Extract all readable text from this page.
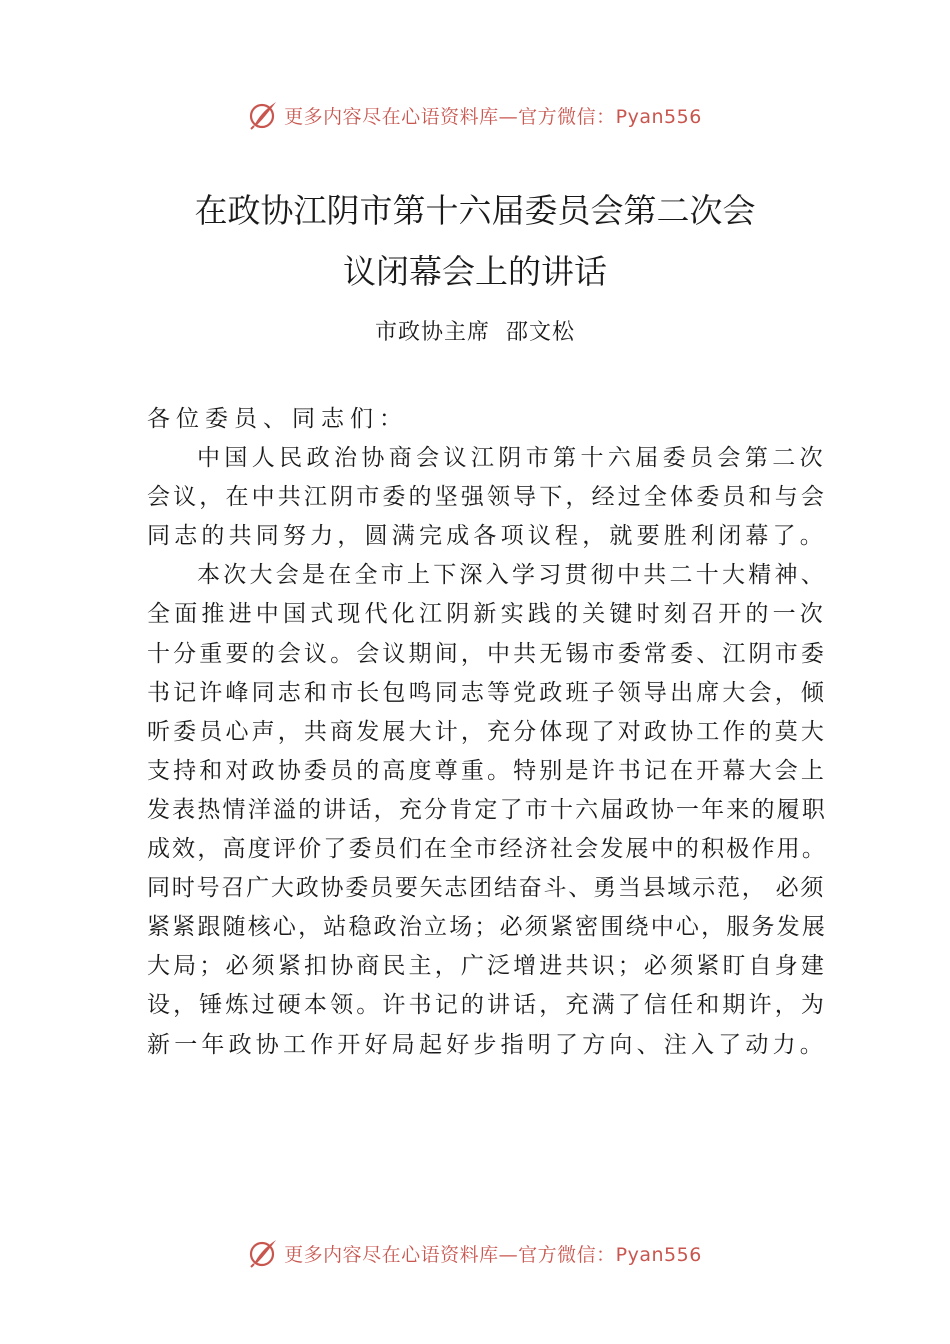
更多内容尽在心语资料库—官方微信：Pyan556
在政协江阴市第十六届委员会第二次会
议闭幕会上的讲话
市政协主席  邵文松
各位委员、同志们：
中国人民政治协商会议江阴市第十六届委员会第二次
会议，在中共江阴市委的坚强领导下，经过全体委员和与会
同志的共同努力，圆满完成各项议程，就要胜利闭幕了。
本次大会是在全市上下深入学习贯彻中共二十大精神、
全面推进中国式现代化江阴新实践的关键时刻召开的一次
十分重要的会议。会议期间，中共无锡市委常委、江阴市委
书记许峰同志和市长包鸣同志等党政班子领导出席大会，倾
听委员心声，共商发展大计，充分体现了对政协工作的莫大
支持和对政协委员的高度尊重。特别是许书记在开幕大会上
发表热情洋溢的讲话，充分肯定了市十六届政协一年来的履职
成效，高度评价了委员们在全市经济社会发展中的积极作用。
同时号召广大政协委员要矢志团结奋斗、勇当县域示范， 必须
紧紧跟随核心，站稳政治立场；必须紧密围绕中心，服务发展
大局；必须紧扣协商民主，广泛增进共识；必须紧盯自身建
设，锤炼过硬本领。许书记的讲话，充满了信任和期许，为
新一年政协工作开好局起好步指明了方向、注入了动力。
更多内容尽在心语资料库—官方微信：Pyan556
